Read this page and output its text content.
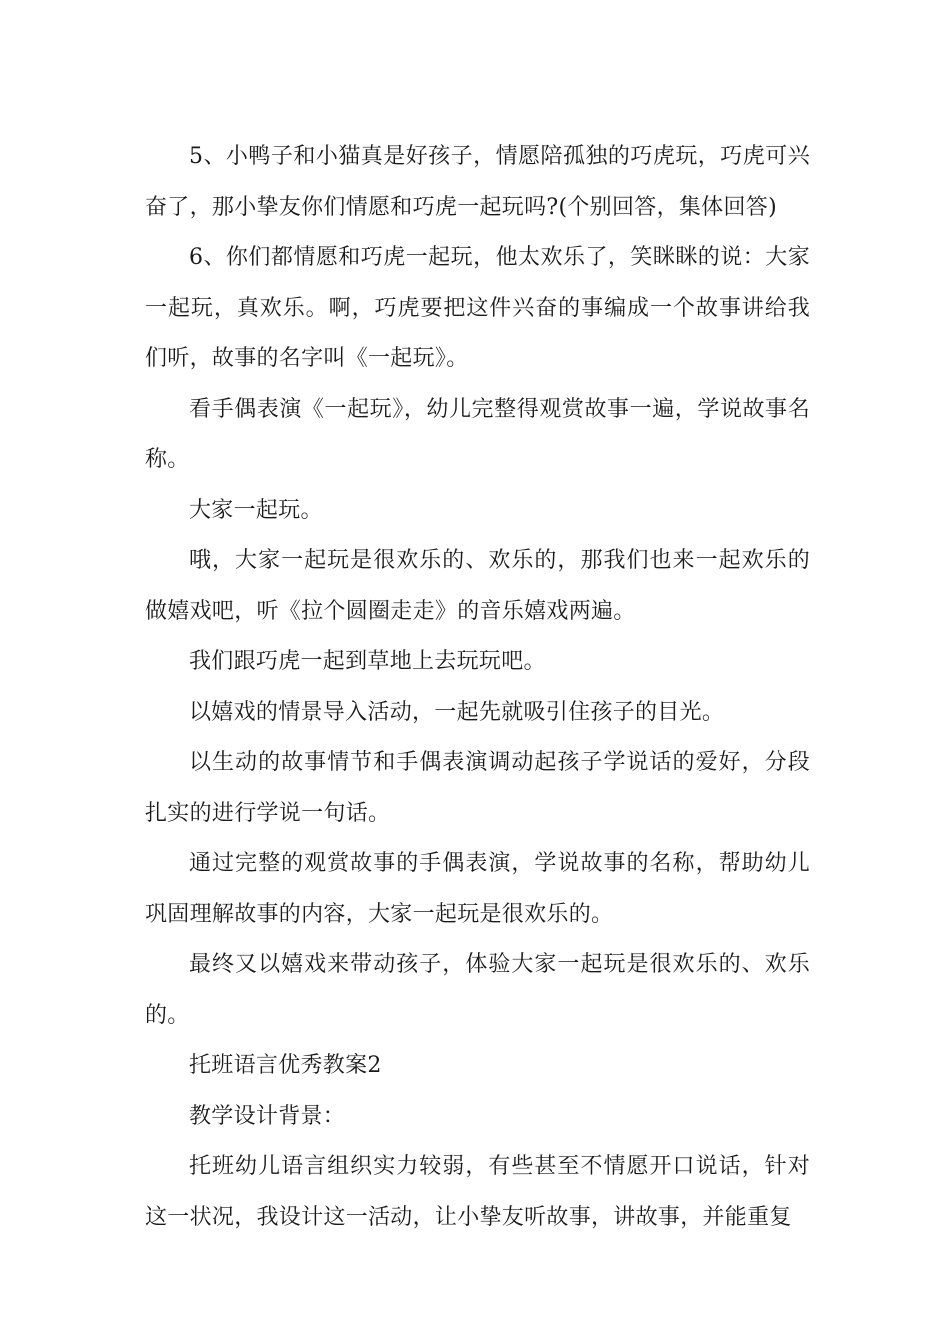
5、小鸭子和小猫真是好孩子，情愿陪孤独的巧虎玩，巧虎可兴奋了，那小挚友你们情愿和巧虎一起玩吗?(个别回答，集体回答)

6、你们都情愿和巧虎一起玩，他太欢乐了，笑眯眯的说：大家一起玩，真欢乐。啊，巧虎要把这件兴奋的事编成一个故事讲给我们听，故事的名字叫《一起玩》。

看手偶表演《一起玩》，幼儿完整得观赏故事一遍，学说故事名称。

大家一起玩。

哦，大家一起玩是很欢乐的、欢乐的，那我们也来一起欢乐的做嬉戏吧，听《拉个圆圈走走》的音乐嬉戏两遍。

我们跟巧虎一起到草地上去玩玩吧。

以嬉戏的情景导入活动，一起先就吸引住孩子的目光。

以生动的故事情节和手偶表演调动起孩子学说话的爱好，分段扎实的进行学说一句话。

通过完整的观赏故事的手偶表演，学说故事的名称，帮助幼儿巩固理解故事的内容，大家一起玩是很欢乐的。

最终又以嬉戏来带动孩子，体验大家一起玩是很欢乐的、欢乐的。

托班语言优秀教案2

教学设计背景：

托班幼儿语言组织实力较弱，有些甚至不情愿开口说话，针对这一状况，我设计这一活动，让小挚友听故事，讲故事，并能重复
